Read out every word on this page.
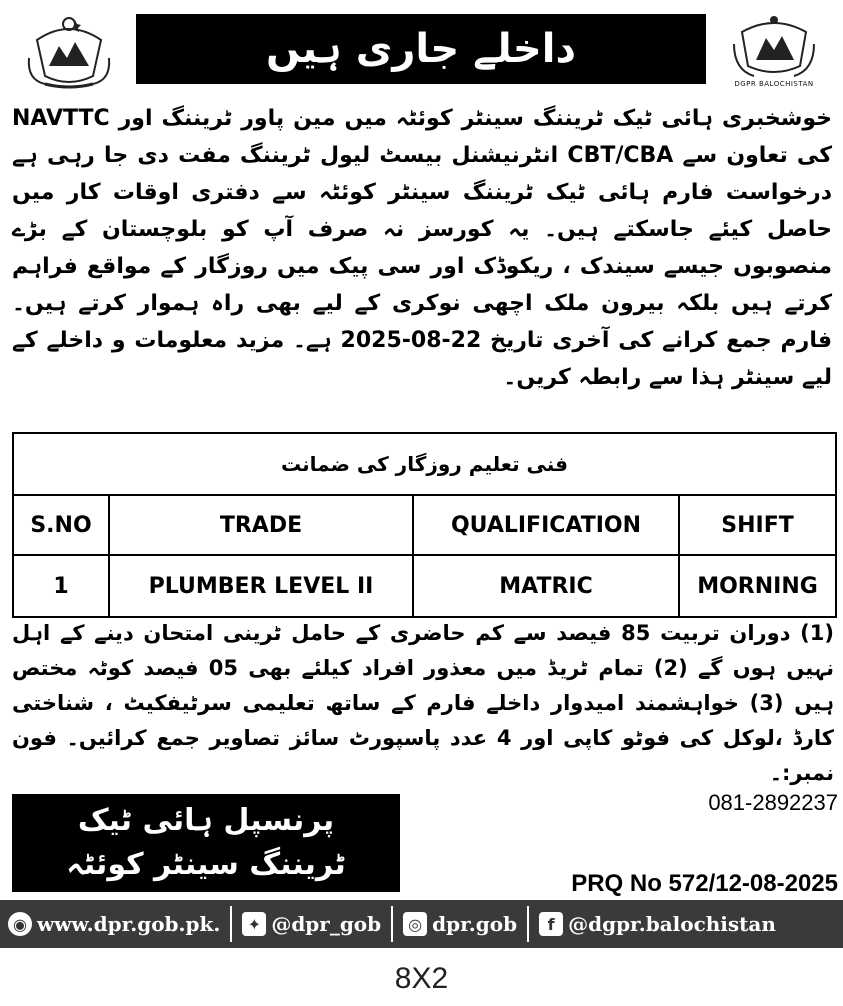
داخلے جاری ہیں
DGPR BALOCHISTAN

خوشخبری ہائی ٹیک ٹریننگ سینٹر کوئٹہ میں مین پاور ٹریننگ اور NAVTTC کی تعاون سے CBT/CBA انٹرنیشنل بیسٹ لیول ٹریننگ مفت دی جا رہی ہے درخواست فارم ہائی ٹیک ٹریننگ سینٹر کوئٹہ سے دفتری اوقات کار میں حاصل کیئے جاسکتے ہیں۔ یہ کورسز نہ صرف آپ کو بلوچستان کے بڑے منصوبوں جیسے سیندک ، ریکوڈک اور سی پیک میں روزگار کے مواقع فراہم کرتے ہیں بلکہ بیرون ملک اچھی نوکری کے لیے بھی راہ ہموار کرتے ہیں۔ فارم جمع کرانے کی آخری تاریخ 22-08-2025 ہے۔ مزید معلومات و داخلے کے لیے سینٹر ہذا سے رابطہ کریں۔

فنی تعلیم روزگار کی ضمانت			
S.NO	TRADE	QUALIFICATION	SHIFT
1	PLUMBER LEVEL II	MATRIC	MORNING

(1) دوران تربیت 85 فیصد سے کم حاضری کے حامل ٹرینی امتحان دینے کے اہل نہیں ہوں گے (2) تمام ٹریڈ میں معذور افراد کیلئے بھی 05 فیصد کوٹہ مختص ہیں (3) خواہشمند امیدوار داخلے فارم کے ساتھ تعلیمی سرٹیفکیٹ ، شناختی کارڈ ،لوکل کی فوٹو کاپی اور 4 عدد پاسپورٹ سائز تصاویر جمع کرائیں۔ فون نمبر:۔

081-2892237
پرنسپل ہائی ٹیک
ٹریننگ سینٹر کوئٹہ
PRQ No 572/12-08-2025
◉ www.dpr.gob.pk.	✦ @dpr_gob	◎ dpr.gob	f @dgpr.balochistan
8X2
